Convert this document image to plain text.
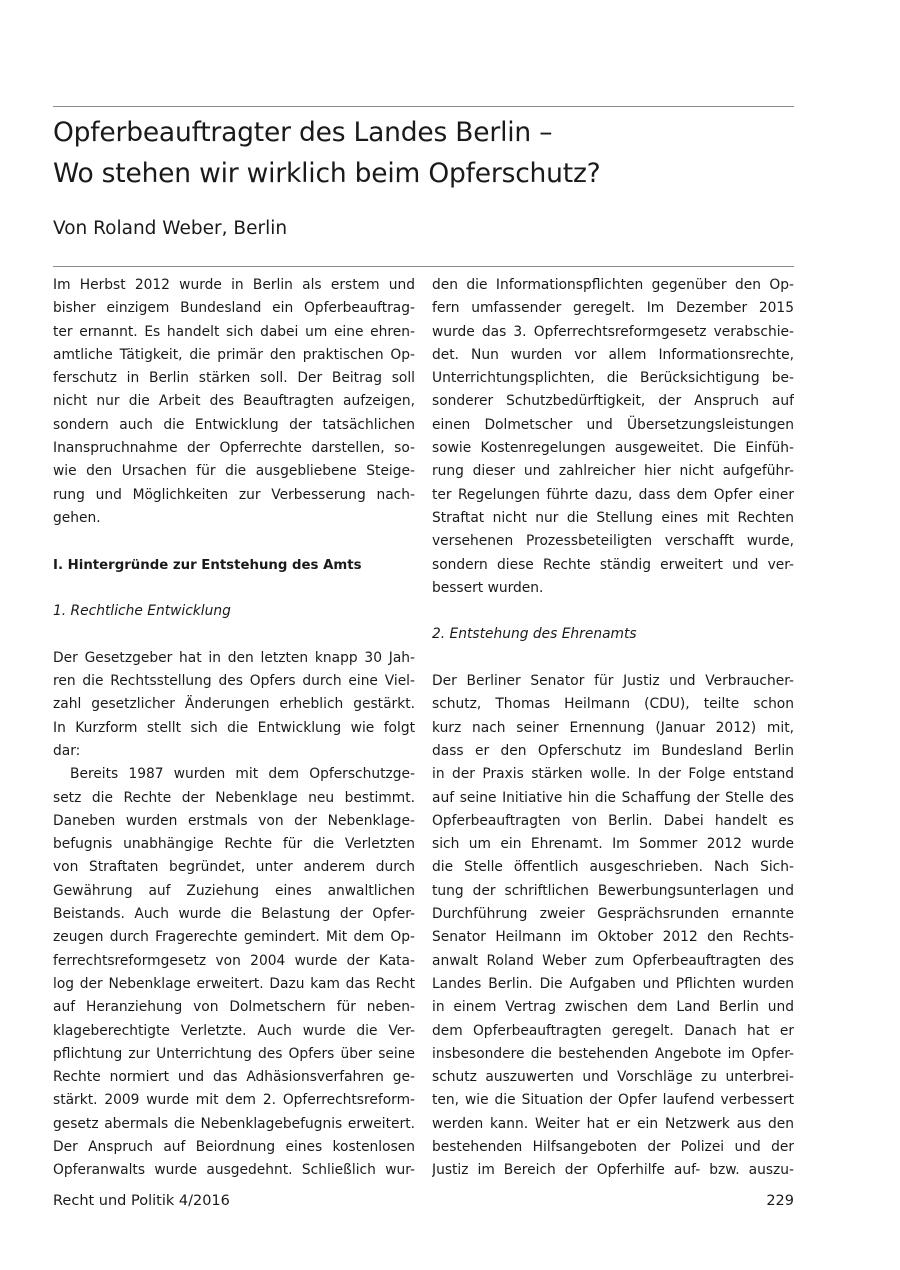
Opferbeauftragter des Landes Berlin –
Wo stehen wir wirklich beim Opferschutz?
Von Roland Weber, Berlin
Im Herbst 2012 wurde in Berlin als erstem und
bisher einzigem Bundesland ein Opferbeauftrag-
ter ernannt. Es handelt sich dabei um eine ehren-
amtliche Tätigkeit, die primär den praktischen Op-
ferschutz in Berlin stärken soll. Der Beitrag soll
nicht nur die Arbeit des Beauftragten aufzeigen,
sondern auch die Entwicklung der tatsächlichen
Inanspruchnahme der Opferrechte darstellen, so-
wie den Ursachen für die ausgebliebene Steige-
rung und Möglichkeiten zur Verbesserung nach-
gehen.
I. Hintergründe zur Entstehung des Amts
1. Rechtliche Entwicklung
Der Gesetzgeber hat in den letzten knapp 30 Jah-
ren die Rechtsstellung des Opfers durch eine Viel-
zahl gesetzlicher Änderungen erheblich gestärkt.
In Kurzform stellt sich die Entwicklung wie folgt
dar:
Bereits 1987 wurden mit dem Opferschutzge-
setz die Rechte der Nebenklage neu bestimmt.
Daneben wurden erstmals von der Nebenklage-
befugnis unabhängige Rechte für die Verletzten
von Straftaten begründet, unter anderem durch
Gewährung auf Zuziehung eines anwaltlichen
Beistands. Auch wurde die Belastung der Opfer-
zeugen durch Fragerechte gemindert. Mit dem Op-
ferrechtsreformgesetz von 2004 wurde der Kata-
log der Nebenklage erweitert. Dazu kam das Recht
auf Heranziehung von Dolmetschern für neben-
klageberechtigte Verletzte. Auch wurde die Ver-
pflichtung zur Unterrichtung des Opfers über seine
Rechte normiert und das Adhäsionsverfahren ge-
stärkt. 2009 wurde mit dem 2. Opferrechtsreform-
gesetz abermals die Nebenklagebefugnis erweitert.
Der Anspruch auf Beiordnung eines kostenlosen
Opferanwalts wurde ausgedehnt. Schließlich wur-
den die Informationspflichten gegenüber den Op-
fern umfassender geregelt. Im Dezember 2015
wurde das 3. Opferrechtsreformgesetz verabschie-
det. Nun wurden vor allem Informationsrechte,
Unterrichtungsplichten, die Berücksichtigung be-
sonderer Schutzbedürftigkeit, der Anspruch auf
einen Dolmetscher und Übersetzungsleistungen
sowie Kostenregelungen ausgeweitet. Die Einfüh-
rung dieser und zahlreicher hier nicht aufgeführ-
ter Regelungen führte dazu, dass dem Opfer einer
Straftat nicht nur die Stellung eines mit Rechten
versehenen Prozessbeteiligten verschafft wurde,
sondern diese Rechte ständig erweitert und ver-
bessert wurden.
2. Entstehung des Ehrenamts
Der Berliner Senator für Justiz und Verbraucher-
schutz, Thomas Heilmann (CDU), teilte schon
kurz nach seiner Ernennung (Januar 2012) mit,
dass er den Opferschutz im Bundesland Berlin
in der Praxis stärken wolle. In der Folge entstand
auf seine Initiative hin die Schaffung der Stelle des
Opferbeauftragten von Berlin. Dabei handelt es
sich um ein Ehrenamt. Im Sommer 2012 wurde
die Stelle öffentlich ausgeschrieben. Nach Sich-
tung der schriftlichen Bewerbungsunterlagen und
Durchführung zweier Gesprächsrunden ernannte
Senator Heilmann im Oktober 2012 den Rechts-
anwalt Roland Weber zum Opferbeauftragten des
Landes Berlin. Die Aufgaben und Pflichten wurden
in einem Vertrag zwischen dem Land Berlin und
dem Opferbeauftragten geregelt. Danach hat er
insbesondere die bestehenden Angebote im Opfer-
schutz auszuwerten und Vorschläge zu unterbrei-
ten, wie die Situation der Opfer laufend verbessert
werden kann. Weiter hat er ein Netzwerk aus den
bestehenden Hilfsangeboten der Polizei und der
Justiz im Bereich der Opferhilfe auf- bzw. auszu-
Recht und Politik 4/2016	229
